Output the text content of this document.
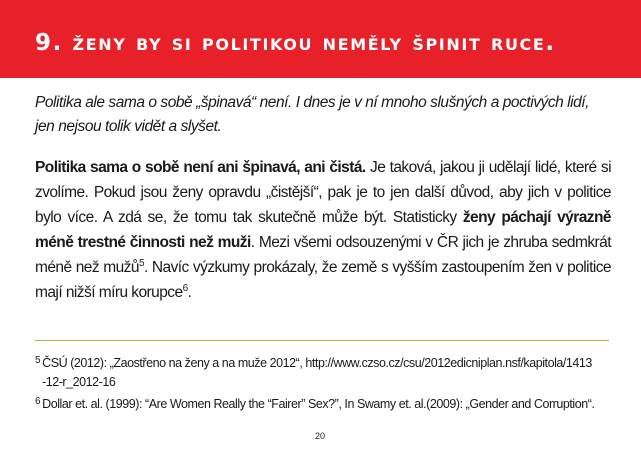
9. ženy by si politikou neměly špinit ruce.

Politika ale sama o sobě „špinavá“ není. I dnes je v ní mnoho slušných a poctivých lidí, jen nejsou tolik vidět a slyšet.

Politika sama o sobě není ani špinavá, ani čistá. Je taková, jakou ji udělají lidé, které si zvolíme. Pokud jsou ženy opravdu „čistější“, pak je to jen další důvod, aby jich v politice bylo více. A zdá se, že tomu tak skutečně může být. Statisticky ženy páchají výrazně méně trestné činnosti než muži. Mezi všemi odsouzenými v ČR jich je zhruba sedmkrát méně než mužů$^5$. Navíc výzkumy prokázaly, že země s vyšším zastoupením žen v politice mají nižší míru korupce$^6$.

$^5$ ČSÚ (2012): „Zaostřeno na ženy a na muže 2012“, http://www.czso.cz/csu/2012edicniplan.nsf/kapitola/1413

-12-r_2012-16

$^6$ Dollar et. al. (1999): “Are Women Really the “Fairer” Sex?”, In Swamy et. al.(2009): „Gender and Corruption“.

20
